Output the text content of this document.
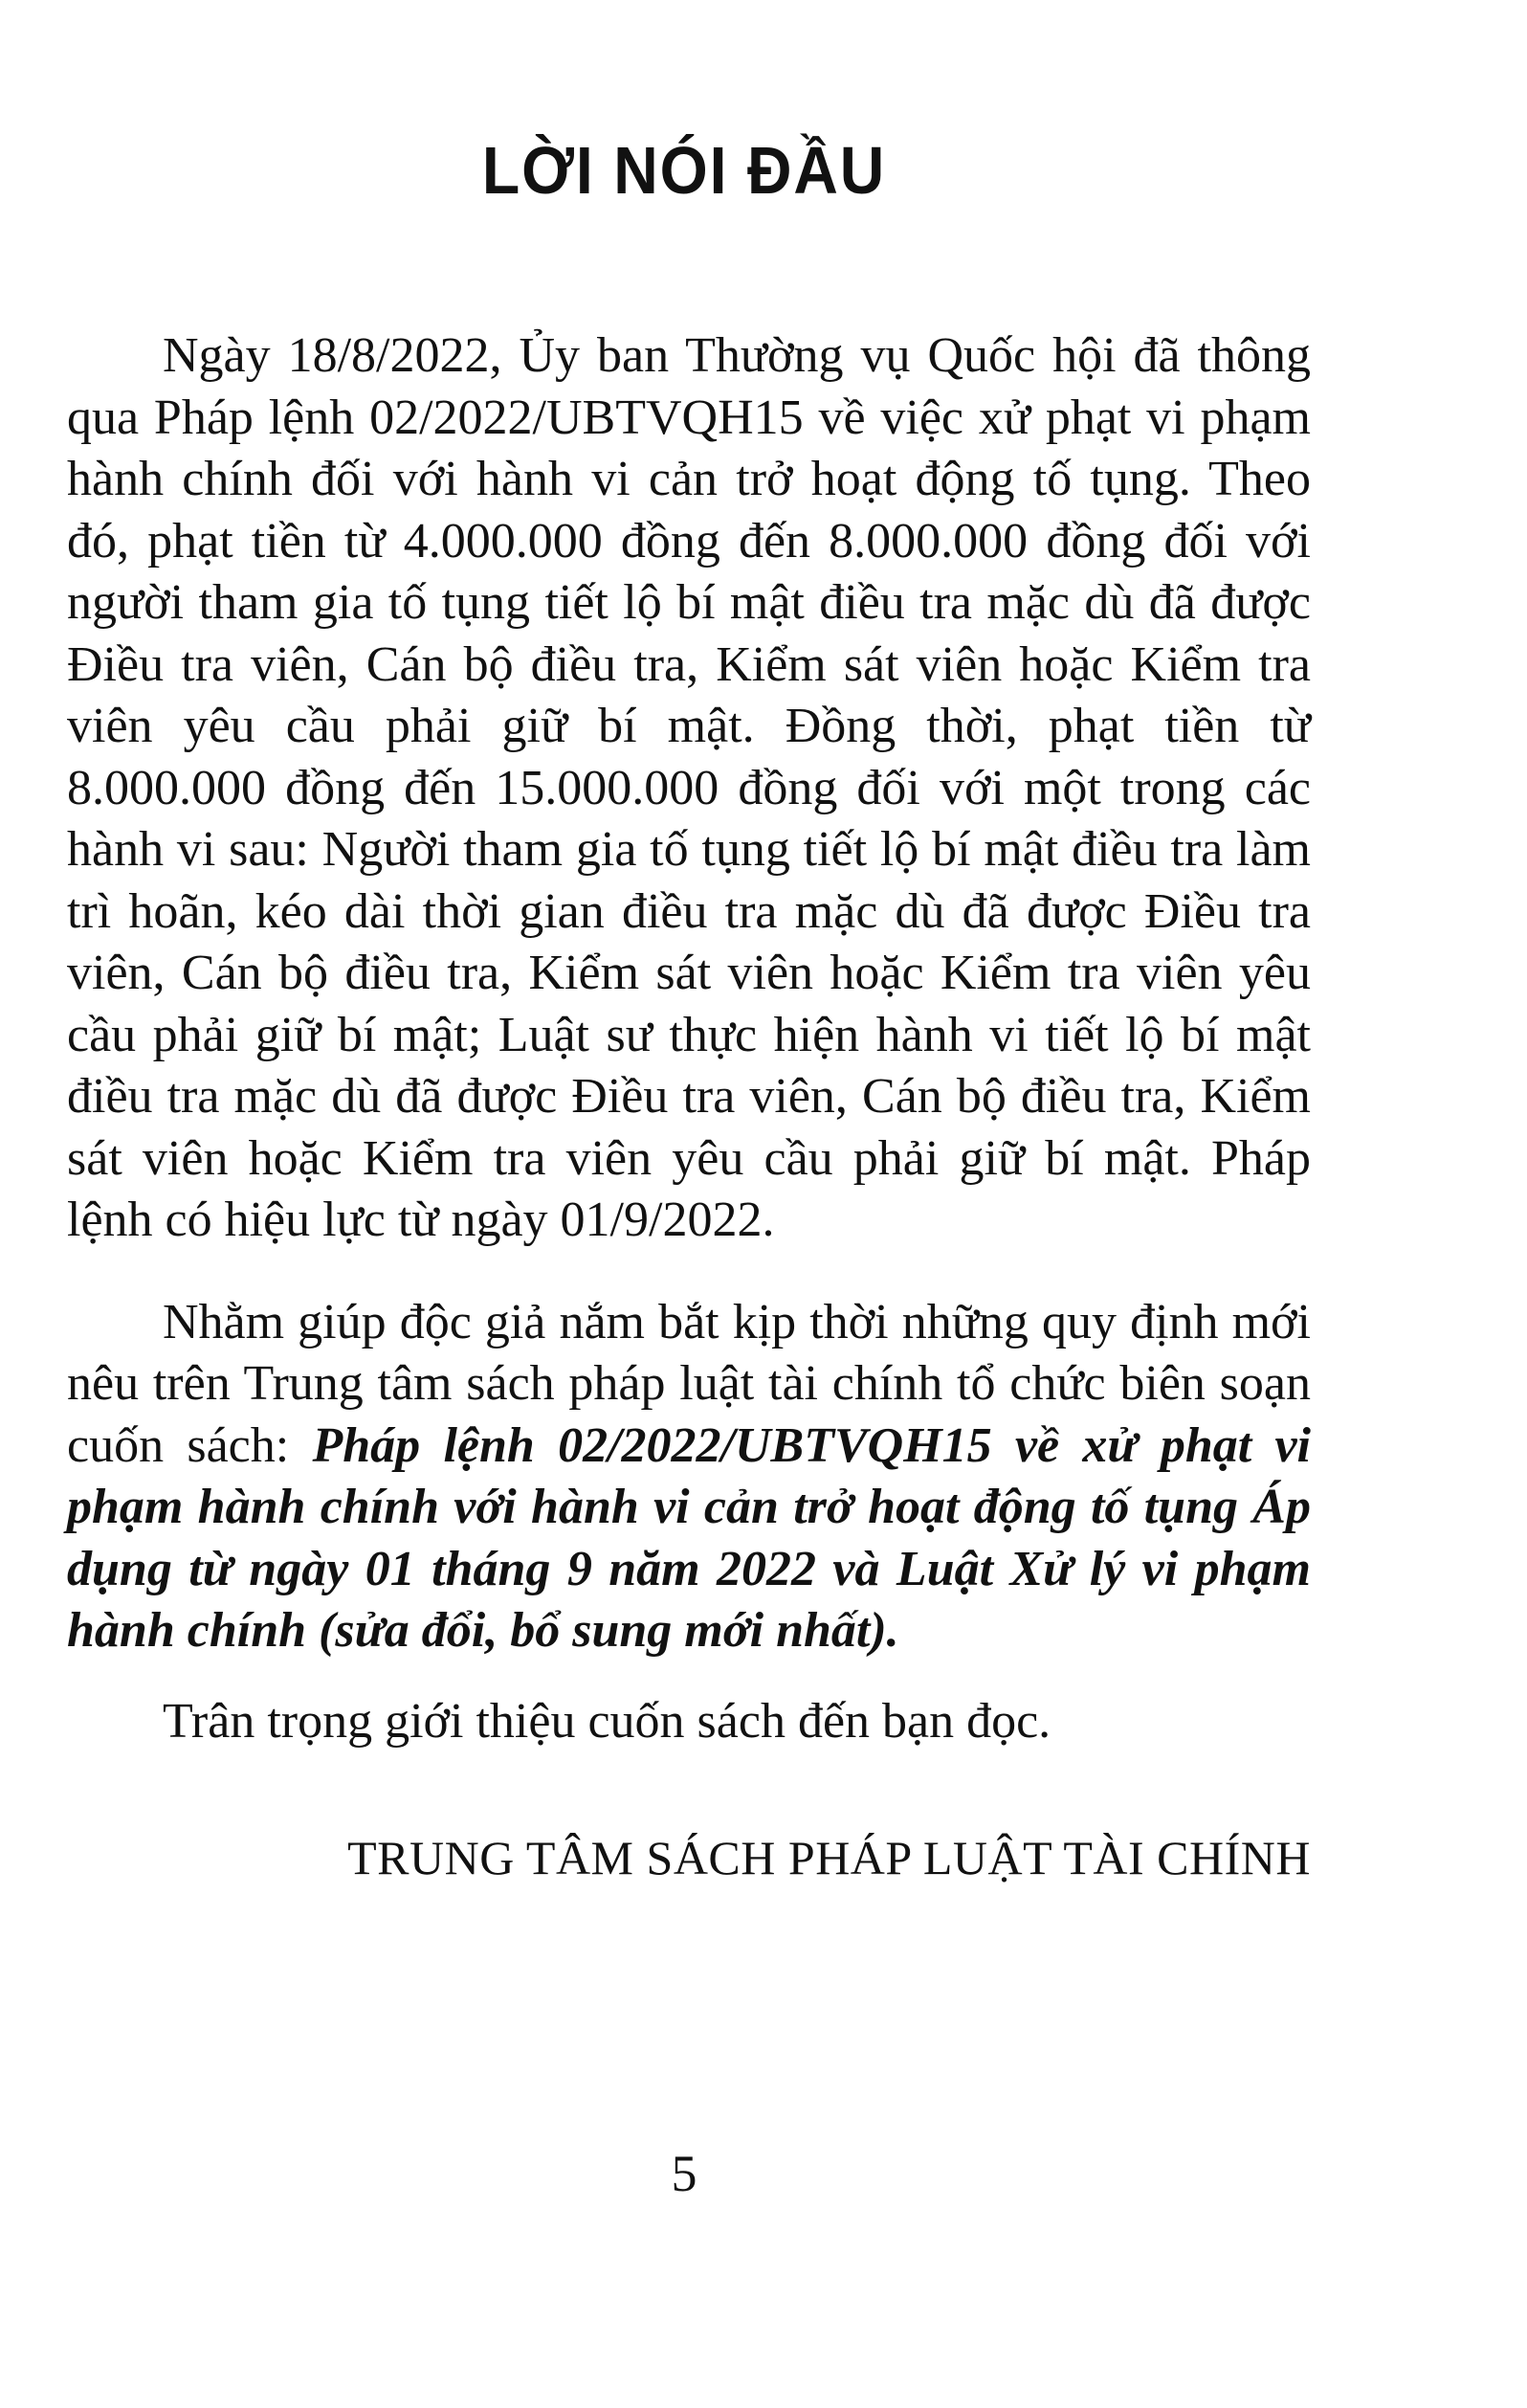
LỜI NÓI ĐẦU

Ngày 18/8/2022, Ủy ban Thường vụ Quốc hội đã thông qua Pháp lệnh 02/2022/UBTVQH15 về việc xử phạt vi phạm hành chính đối với hành vi cản trở hoạt động tố tụng. Theo đó, phạt tiền từ 4.000.000 đồng đến 8.000.000 đồng đối với người tham gia tố tụng tiết lộ bí mật điều tra mặc dù đã được Điều tra viên, Cán bộ điều tra, Kiểm sát viên hoặc Kiểm tra viên yêu cầu phải giữ bí mật. Đồng thời, phạt tiền từ 8.000.000 đồng đến 15.000.000 đồng đối với một trong các hành vi sau: Người tham gia tố tụng tiết lộ bí mật điều tra làm trì hoãn, kéo dài thời gian điều tra mặc dù đã được Điều tra viên, Cán bộ điều tra, Kiểm sát viên hoặc Kiểm tra viên yêu cầu phải giữ bí mật; Luật sư thực hiện hành vi tiết lộ bí mật điều tra mặc dù đã được Điều tra viên, Cán bộ điều tra, Kiểm sát viên hoặc Kiểm tra viên yêu cầu phải giữ bí mật. Pháp lệnh có hiệu lực từ ngày 01/9/2022.

Nhằm giúp độc giả nắm bắt kịp thời những quy định mới nêu trên Trung tâm sách pháp luật tài chính tổ chức biên soạn cuốn sách: Pháp lệnh 02/2022/UBTVQH15 về xử phạt vi phạm hành chính với hành vi cản trở hoạt động tố tụng Áp dụng từ ngày 01 tháng 9 năm 2022 và Luật Xử lý vi phạm hành chính (sửa đổi, bổ sung mới nhất).

Trân trọng giới thiệu cuốn sách đến bạn đọc.

TRUNG TÂM SÁCH PHÁP LUẬT TÀI CHÍNH
5
